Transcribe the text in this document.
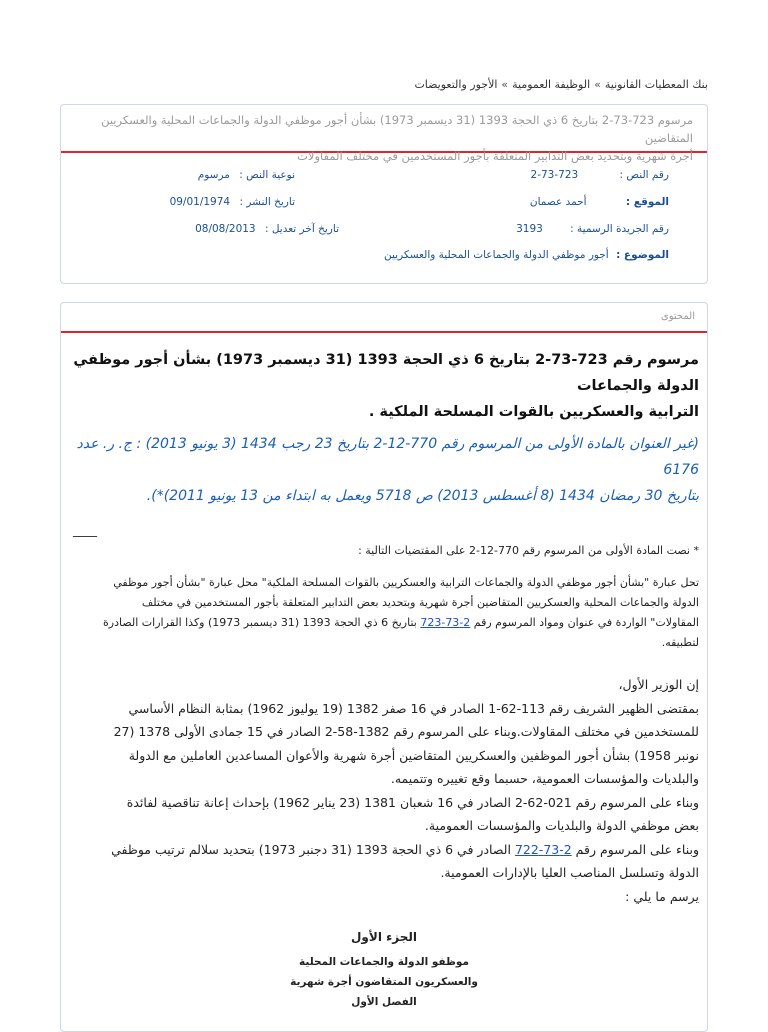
بنك المعطيات القانونية»الوظيفة العمومية»الأجور والتعويضات
مرسوم 723-73-2 بتاريخ 6 ذي الحجة 1393 (31 ديسمبر 1973) بشأن أجور موظفي الدولة والجماعات المحلية والعسكريين المتقاضين
أجرة شهرية وبتحديد بعض التدابير المتعلقة بأجور المستخدمين في مختلف المقاولات
رقم النص : 723-73-2
نوعية النص : مرسوم
الموقع : أحمد عصمان
تاريخ النشر : 09/01/1974
رقم الجريدة الرسمية : 3193
تاريخ آخر تعديل : 08/08/2013
الموضوع : أجور موظفي الدولة والجماعات المحلية والعسكريين
المحتوى

مرسوم رقم 723-73-2 بتاريخ 6 ذي الحجة 1393 (31 ديسمبر 1973) بشأن أجور موظفي الدولة والجماعات
الترابية والعسكريين بالقوات المسلحة الملكية .

(غير العنوان بالمادة الأولى من المرسوم رقم 770-12-2 بتاريخ 23 رجب 1434 (3 يونيو 2013) : ج. ر. عدد 6176
بتاريخ 30 رمضان 1434 (8 أغسطس 2013) ص 5718 ويعمل به ابتداء من 13 يونيو 2011)*).

____

* نصت المادة الأولى من المرسوم رقم 770-12-2 على المقتضيات التالية :

تحل عبارة "بشأن أجور موظفي الدولة والجماعات الترابية والعسكريين بالقوات المسلحة الملكية" محل عبارة "بشأن أجور موظفي
الدولة والجماعات المحلية والعسكريين المتقاضين أجرة شهرية وبتحديد بعض التدابير المتعلقة بأجور المستخدمين في مختلف
المقاولات" الواردة في عنوان ومواد المرسوم رقم 2-73-723 بتاريخ 6 ذي الحجة 1393 (31 ديسمبر 1973) وكذا القرارات الصادرة
لتطبيقه.

إن الوزير الأول،

بمقتضى الظهير الشريف رقم 113-62-1 الصادر في 16 صفر 1382 (19 يوليوز 1962) بمثابة النظام الأساسي
للمستخدمين في مختلف المقاولات.وبناء على المرسوم رقم 1382-58-2 الصادر في 15 جمادى الأولى 1378 (27
نونبر 1958) بشأن أجور الموظفين والعسكريين المتقاضين أجرة شهرية والأعوان المساعدين العاملين مع الدولة
والبلديات والمؤسسات العمومية، حسبما وقع تغييره وتتميمه.
وبناء على المرسوم رقم 021-62-2 الصادر في 16 شعبان 1381 (23 يناير 1962) بإحداث إعانة تناقصية لفائدة
بعض موظفي الدولة والبلديات والمؤسسات العمومية.
وبناء على المرسوم رقم 2-73-722 الصادر في 6 ذي الحجة 1393 (31 دجنبر 1973) بتحديد سلالم ترتيب موظفي
الدولة وتسلسل المناصب العليا بالإدارات العمومية.
يرسم ما يلي :

الجزء الأول

موظفو الدولة والجماعات المحلية
والعسكريون المتقاضون أجرة شهرية
الفصل الأول
